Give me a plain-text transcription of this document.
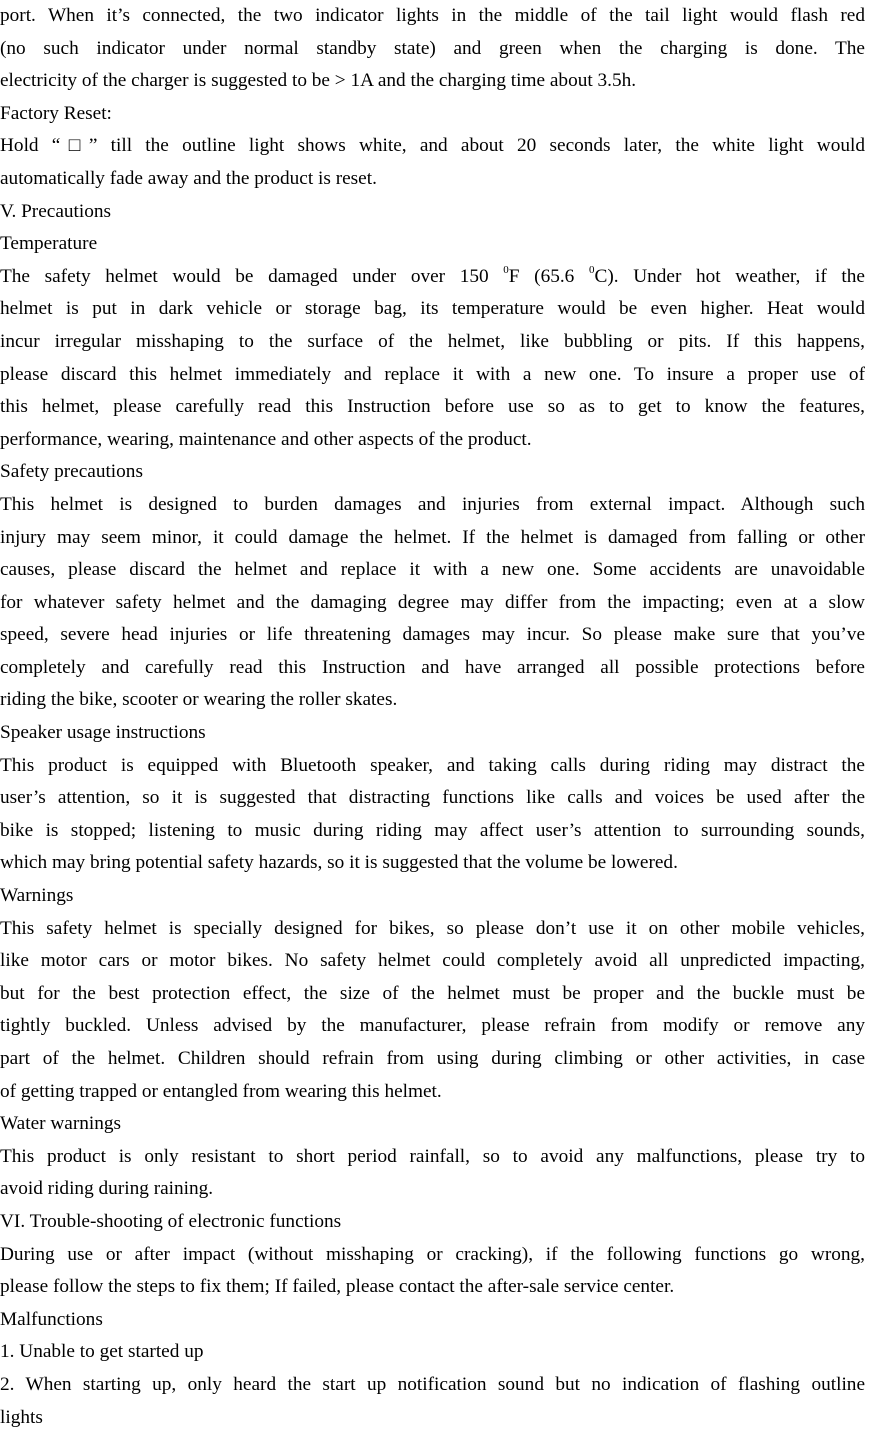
port. When it’s connected, the two indicator lights in the middle of the tail light would flash red
(no such indicator under normal standby state) and green when the charging is done. The
electricity of the charger is suggested to be > 1A and the charging time about 3.5h.
Factory Reset:
Hold “□” till the outline light shows white, and about 20 seconds later, the white light would
automatically fade away and the product is reset.
V. Precautions
Temperature
The safety helmet would be damaged under over 150 $^0$F (65.6 $^0$C). Under hot weather, if the
helmet is put in dark vehicle or storage bag, its temperature would be even higher. Heat would
incur irregular misshaping to the surface of the helmet, like bubbling or pits. If this happens,
please discard this helmet immediately and replace it with a new one. To insure a proper use of
this helmet, please carefully read this Instruction before use so as to get to know the features,
performance, wearing, maintenance and other aspects of the product.
Safety precautions
This helmet is designed to burden damages and injuries from external impact. Although such
injury may seem minor, it could damage the helmet. If the helmet is damaged from falling or other
causes, please discard the helmet and replace it with a new one. Some accidents are unavoidable
for whatever safety helmet and the damaging degree may differ from the impacting; even at a slow
speed, severe head injuries or life threatening damages may incur. So please make sure that you’ve
completely and carefully read this Instruction and have arranged all possible protections before
riding the bike, scooter or wearing the roller skates.
Speaker usage instructions
This product is equipped with Bluetooth speaker, and taking calls during riding may distract the
user’s attention, so it is suggested that distracting functions like calls and voices be used after the
bike is stopped; listening to music during riding may affect user’s attention to surrounding sounds,
which may bring potential safety hazards, so it is suggested that the volume be lowered.
Warnings
This safety helmet is specially designed for bikes, so please don’t use it on other mobile vehicles,
like motor cars or motor bikes. No safety helmet could completely avoid all unpredicted impacting,
but for the best protection effect, the size of the helmet must be proper and the buckle must be
tightly buckled. Unless advised by the manufacturer, please refrain from modify or remove any
part of the helmet. Children should refrain from using during climbing or other activities, in case
of getting trapped or entangled from wearing this helmet.
Water warnings
This product is only resistant to short period rainfall, so to avoid any malfunctions, please try to
avoid riding during raining.
VI. Trouble-shooting of electronic functions
During use or after impact (without misshaping or cracking), if the following functions go wrong,
please follow the steps to fix them; If failed, please contact the after-sale service center.
Malfunctions
1. Unable to get started up
2. When starting up, only heard the start up notification sound but no indication of flashing outline
lights
